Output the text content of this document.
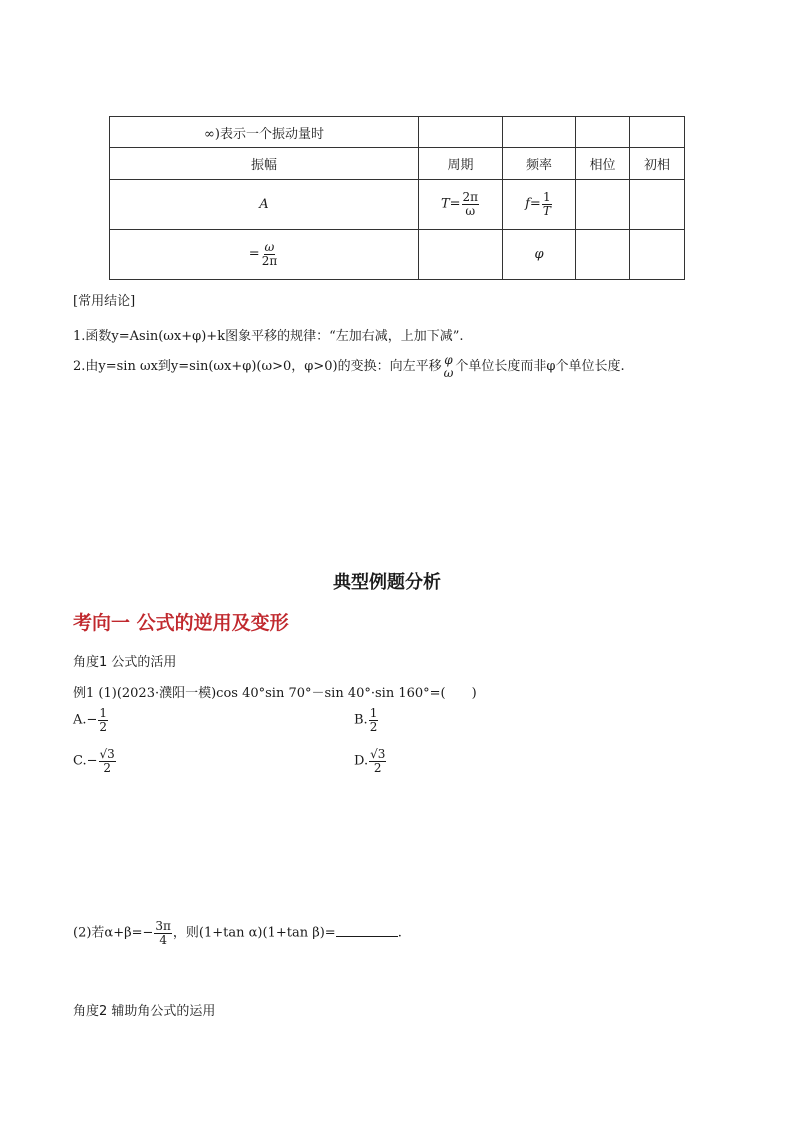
∞)表示一个振动量时				
振幅	周期	频率	相位	初相
A	$T= \frac{2\pi}{\omega}$	$f= \frac{1}{T}$

= $\frac{\omega}{2\pi}$		φ		
[常用结论]
1.函数y=Asin(ωx+φ)+k图象平移的规律：“左加右减，上加下减”.
2.由y=sin ωx到y=sin(ωx+φ)(ω>0，φ>0)的变换：向左平移 φ
ω 个单位长度而非φ个单位长度.
典型例题分析
考向一 公式的逆用及变形
角度1 公式的活用
例1 (1)(2023·濮阳一模)cos 40°sin 70°－sin 40°·sin 160°=(　　)
$A.- \frac{1}{2}$	B. $\frac{1}{2}$
$C.- \frac{√3}{2}$	D. $\frac{√3}{2}$
(2)若$\alpha+\beta=- \frac{3\pi}{4}$ ，则(1+tan α)(1+tan β)=	.
角度2 辅助角公式的运用
